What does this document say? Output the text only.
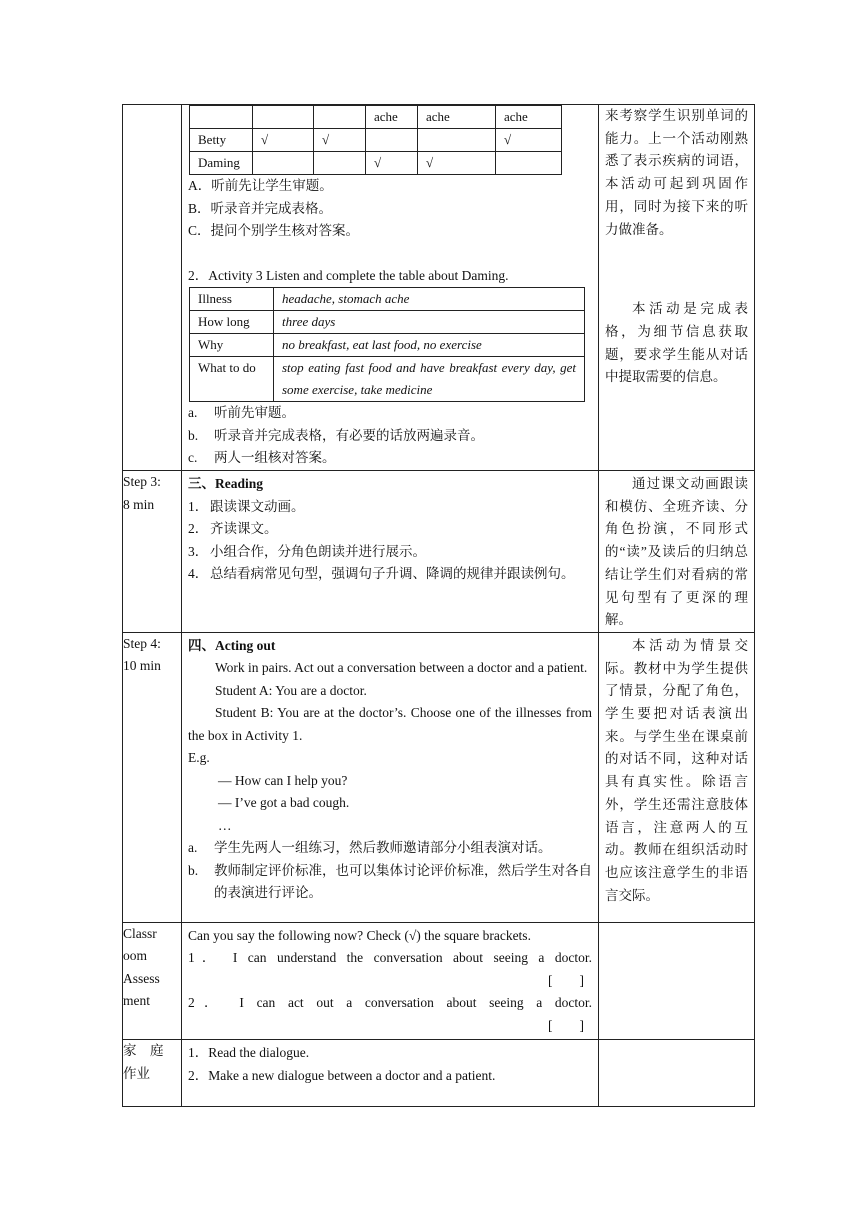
			ache	ache	ache
Betty	√	√			√
Daming			√	√	
A．听前先让学生审题。
B．听录音并完成表格。
C．提问个别学生核对答案。
2．Activity 3 Listen and complete the table about Daming.
Illness	headache, stomach ache
How long	three days
Why	no breakfast, eat last food, no exercise
What to do	stop eating fast food and have breakfast every day, get some exercise, take medicine
a.	听前先审题。
b.	听录音并完成表格，有必要的话放两遍录音。
c.	两人一组核对答案。

来考察学生识别单词的能力。上一个活动刚熟悉了表示疾病的词语，本活动可起到巩固作用，同时为接下来的听力做准备。
本活动是完成表格，为细节信息获取题，要求学生能从对话中提取需要的信息。

Step 3:
8 min

三、Reading
1． 跟读课文动画。
2． 齐读课文。
3． 小组合作，分角色朗读并进行展示。
4． 总结看病常见句型，强调句子升调、降调的规律并跟读例句。

通过课文动画跟读和模仿、全班齐读、分角色扮演，不同形式的“读”及读后的归纳总结让学生们对看病的常见句型有了更深的理解。

Step 4:
10 min

四、Acting out
Work in pairs. Act out a conversation between a doctor and a patient.
Student A: You are a doctor.
Student B: You are at the doctor’s. Choose one of the illnesses from the box in Activity 1.
E.g.
— How can I help you?
— I’ve got a bad cough.
…
a.	学生先两人一组练习，然后教师邀请部分小组表演对话。
b.	教师制定评价标准，也可以集体讨论评价标准，然后学生对各自的表演进行评论。

本活动为情景交际。教材中为学生提供了情景，分配了角色，学生要把对话表演出来。与学生坐在课桌前的对话不同，这种对话具有真实性。除语言外，学生还需注意肢体语言，注意两人的互动。教师在组织活动时也应该注意学生的非语言交际。

Classr
oom
Assess
ment

Can you say the following now? Check (√) the square brackets.
1． I can understand the conversation about seeing a doctor.
[　　]
2． I can act out a conversation about seeing a doctor.
[　　]

家　庭
作业

1．Read the dialogue.
2．Make a new dialogue between a doctor and a patient.
